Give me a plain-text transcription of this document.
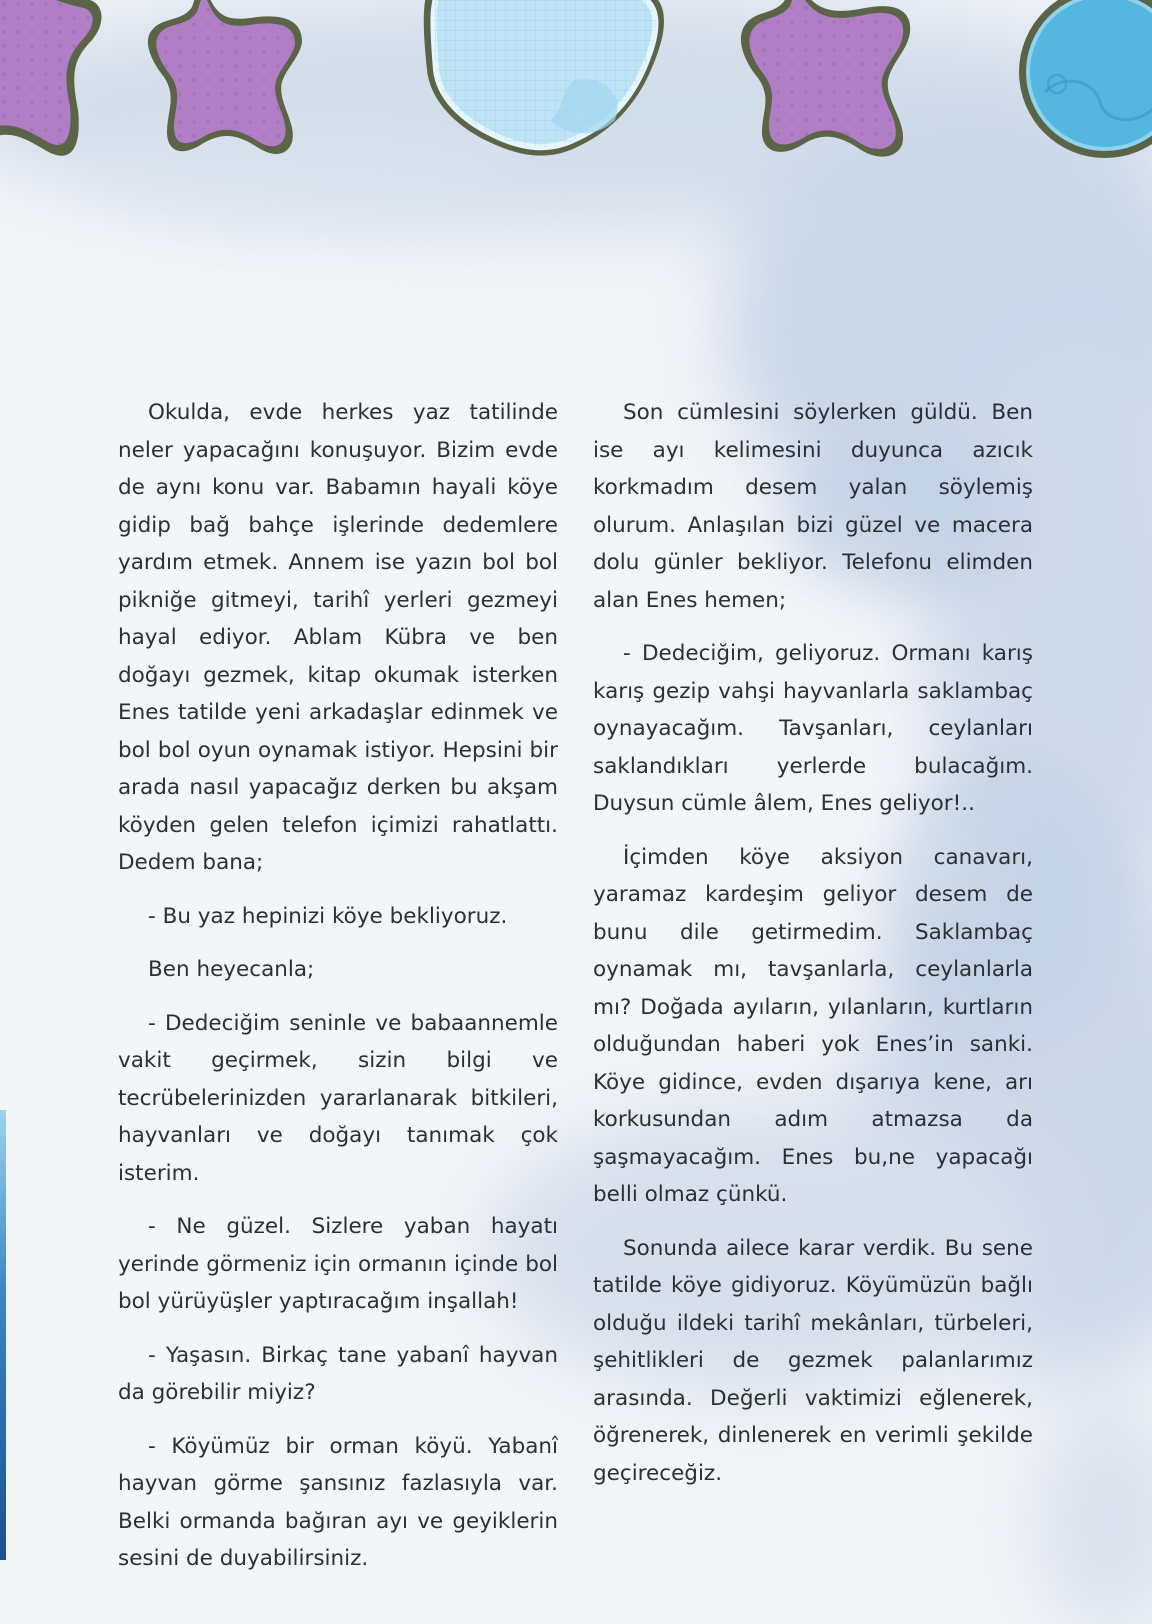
Okulda, evde herkes yaz tatilinde neler yapacağını konuşuyor. Bizim evde de aynı konu var. Babamın hayali köye gidip bağ bahçe işlerinde dedemlere yardım etmek. Annem ise yazın bol bol pikniğe gitmeyi, tarihî yerleri gezmeyi hayal ediyor. Ablam Kübra ve ben doğayı gezmek, kitap okumak isterken Enes tatilde yeni arkadaşlar edinmek ve bol bol oyun oynamak istiyor. Hepsini bir arada nasıl yapacağız derken bu akşam köyden gelen telefon içimizi rahatlattı. Dedem bana;

- Bu yaz hepinizi köye bekliyoruz.

Ben heyecanla;

- Dedeciğim seninle ve babaannemle vakit geçirmek, sizin bilgi ve tecrübelerinizden yararlanarak bitkileri, hayvanları ve doğayı tanımak çok isterim.

- Ne güzel. Sizlere yaban hayatı yerinde görmeniz için ormanın içinde bol bol yürüyüşler yaptıracağım inşallah!

- Yaşasın. Birkaç tane yabanî hayvan da görebilir miyiz?

- Köyümüz bir orman köyü. Yabanî hayvan görme şansınız fazlasıyla var. Belki ormanda bağıran ayı ve geyiklerin sesini de duyabilirsiniz.

Son cümlesini söylerken güldü. Ben ise ayı kelimesini duyunca azıcık korkmadım desem yalan söylemiş olurum. Anlaşılan bizi güzel ve macera dolu günler bekliyor. Telefonu elimden alan Enes hemen;

- Dedeciğim, geliyoruz. Ormanı karış karış gezip vahşi hayvanlarla saklambaç oynayacağım. Tavşanları, ceylanları saklandıkları yerlerde bulacağım. Duysun cümle âlem, Enes geliyor!..

İçimden köye aksiyon canavarı, yaramaz kardeşim geliyor desem de bunu dile getirmedim. Saklambaç oynamak mı, tavşanlarla, ceylanlarla mı? Doğada ayıların, yılanların, kurtların olduğundan haberi yok Enes’in sanki. Köye gidince, evden dışarıya kene, arı korkusundan adım atmazsa da şaşmayacağım. Enes bu,ne yapacağı belli olmaz çünkü.

Sonunda ailece karar verdik. Bu sene tatilde köye gidiyoruz. Köyümüzün bağlı olduğu ildeki tarihî mekânları, türbeleri, şehitlikleri de gezmek palanlarımız arasında. Değerli vaktimizi eğlenerek, öğrenerek, dinlenerek en verimli şekilde geçireceğiz.
